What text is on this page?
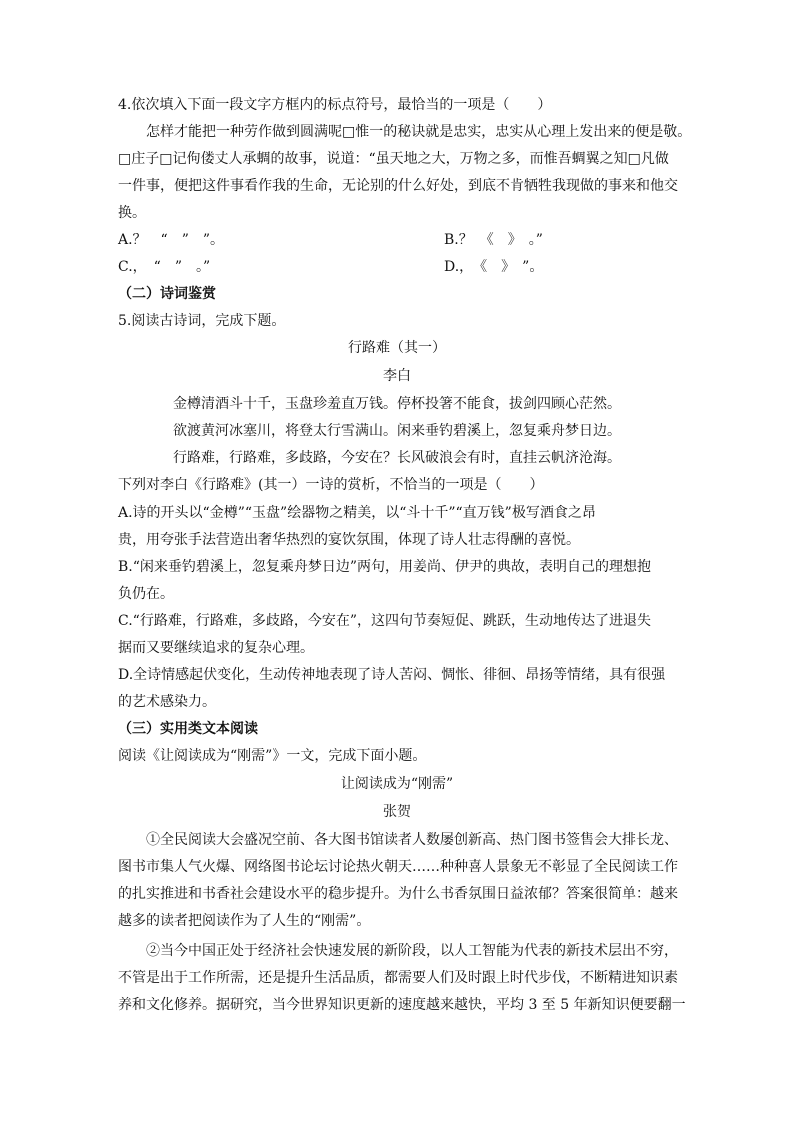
4.依次填入下面一段文字方框内的标点符号，最恰当的一项是（　　）
怎样才能把一种劳作做到圆满呢□惟一的秘诀就是忠实，忠实从心理上发出来的便是敬。
□庄子□记佝偻丈人承蜩的故事，说道：“虽天地之大，万物之多，而惟吾蜩翼之知□凡做
一件事，便把这件事看作我的生命，无论别的什么好处，到底不肯牺牲我现做的事来和他交
换。
A.？　“　”　”。	B.？　《　》　。”
C.，　“　”　。”	D.，　《　》　”。
（二）诗词鉴赏
5.阅读古诗词，完成下题。
行路难（其一）
李白
金樽清酒斗十千，玉盘珍羞直万钱。停杯投箸不能食，拔剑四顾心茫然。
欲渡黄河冰塞川，将登太行雪满山。闲来垂钓碧溪上，忽复乘舟梦日边。
行路难，行路难，多歧路，今安在？长风破浪会有时，直挂云帆济沧海。
下列对李白《行路难》(其一）一诗的赏析，不恰当的一项是（　　）
A.诗的开头以“金樽”“玉盘”绘器物之精美，以“斗十千”“直万钱”极写酒食之昂
贵，用夸张手法营造出奢华热烈的宴饮氛围，体现了诗人壮志得酬的喜悦。
B.“闲来垂钓碧溪上，忽复乘舟梦日边”两句，用姜尚、伊尹的典故，表明自己的理想抱
负仍在。
C.“行路难，行路难，多歧路，今安在”，这四句节奏短促、跳跃，生动地传达了进退失
据而又要继续追求的复杂心理。
D.全诗情感起伏变化，生动传神地表现了诗人苦闷、惆怅、徘徊、昂扬等情绪，具有很强
的艺术感染力。
（三）实用类文本阅读
阅读《让阅读成为“刚需”》一文，完成下面小题。
让阅读成为“刚需”
张贺
①全民阅读大会盛况空前、各大图书馆读者人数屡创新高、热门图书签售会大排长龙、
图书市集人气火爆、网络图书论坛讨论热火朝天……种种喜人景象无不彰显了全民阅读工作
的扎实推进和书香社会建设水平的稳步提升。为什么书香氛围日益浓郁？答案很简单：越来
越多的读者把阅读作为了人生的“刚需”。
②当今中国正处于经济社会快速发展的新阶段，以人工智能为代表的新技术层出不穷，
不管是出于工作所需，还是提升生活品质，都需要人们及时跟上时代步伐，不断精进知识素
养和文化修养。据研究，当今世界知识更新的速度越来越快，平均 3 至 5 年新知识便要翻一
